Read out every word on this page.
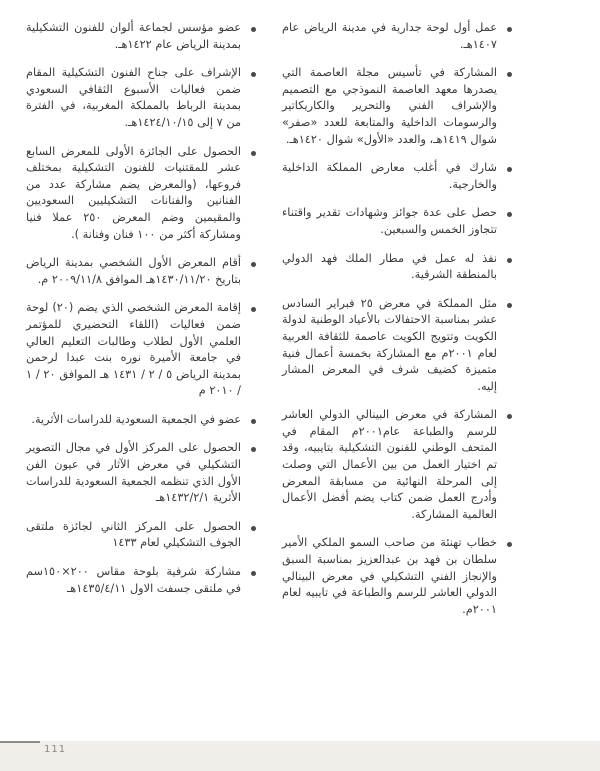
عمل أول لوحة جدارية في مدينة الرياض عام ١٤٠٧هـ.
المشاركة في تأسيس مجلة العاصمة التي يصدرها معهد العاصمة النموذجي مع التصميم والإشراف الفني والتحرير والكاريكاتير والرسومات الداخلية والمتابعة للعدد «صفر» شوال ١٤١٩هـ، والعدد «الأول» شوال ١٤٢٠هـ.
شارك في أغلب معارض المملكة الداخلية والخارجية.
حصل على عدة جوائز وشهادات تقدير واقتناء تتجاوز الخمس والسبعين.
نفذ له عمل في مطار الملك فهد الدولي بالمنطقة الشرقية.
مثل المملكة في معرض ٢٥ فبراير السادس عشر بمناسبة الاحتفالات بالأعياد الوطنية لدولة الكويت وتتويج الكويت عاصمة للثقافة العربية لعام ٢٠٠١م مع المشاركة بخمسة أعمال فنية متميزة كضيف شرف في المعرض المشار إليه.
المشاركة في معرض البينالي الدولي العاشر للرسم والطباعة عام٢٠٠١م المقام في المتحف الوطني للفنون التشكيلية بتايبيه، وقد تم اختيار العمل من بين الأعمال التي وصلت إلى المرحلة النهائية من مسابقة المعرض وأدرج العمل ضمن كتاب يضم أفضل الأعمال العالمية المشاركة.
خطاب تهنئة من صاحب السمو الملكي الأمير سلطان بن فهد بن عبدالعزيز بمناسبة السبق والإنجاز الفني التشكيلي في معرض البينالي الدولي العاشر للرسم والطباعة في تايبيه لعام ٢٠٠١م.
عضو مؤسس لجماعة ألوان للفنون التشكيلية بمدينة الرياض عام ١٤٢٢هـ.
الإشراف على جناح الفنون التشكيلية المقام ضمن فعاليات الأسبوع الثقافي السعودي بمدينة الرباط بالمملكة المغربية، في الفترة من ٧ إلى ١٤٢٤/١٠/١٥هـ.
الحصول على الجائزة الأولى للمعرض السابع عشر للمقتنيات للفنون التشكيلية بمختلف فروعها، (والمعرض يضم مشاركة عدد من الفنانين والفنانات التشكيليين السعوديين والمقيمين وضم المعرض ٢٥٠ عملا فنيا ومشاركة أكثر من ١٠٠ فنان وفنانة ).
أقام المعرض الأول الشخصي بمدينة الرياض بتاريخ ١٤٣٠/١١/٢٠هـ الموافق ٢٠٠٩/١١/٨ م.
إقامة المعرض الشخصي الذي يضم (٢٠) لوحة ضمن فعاليات (اللقاء التحضيري للمؤتمر العلمي الأول لطلاب وطالبات التعليم العالي في جامعة الأميرة نوره بنت عبدا لرحمن بمدينة الرياض ٥ / ٢ / ١٤٣١ هـ الموافق ٢٠ / ١ / ٢٠١٠ م
عضو في الجمعية السعودية للدراسات الأثرية.
الحصول على المركز الأول في مجال التصوير التشكيلي في معرض الآثار في عيون الفن الأول الذي تنظمه الجمعية السعودية للدراسات الأثرية ١٤٣٢/٢/١هـ
الحصول على المركز الثاني لجائزة ملتقى الجوف التشكيلي لعام ١٤٣٣
مشاركة شرفية بلوحة مقاس ٢٠٠×١٥٠سم في ملتقى جسفت الاول ١٤٣٥/٤/١١هـ
111
